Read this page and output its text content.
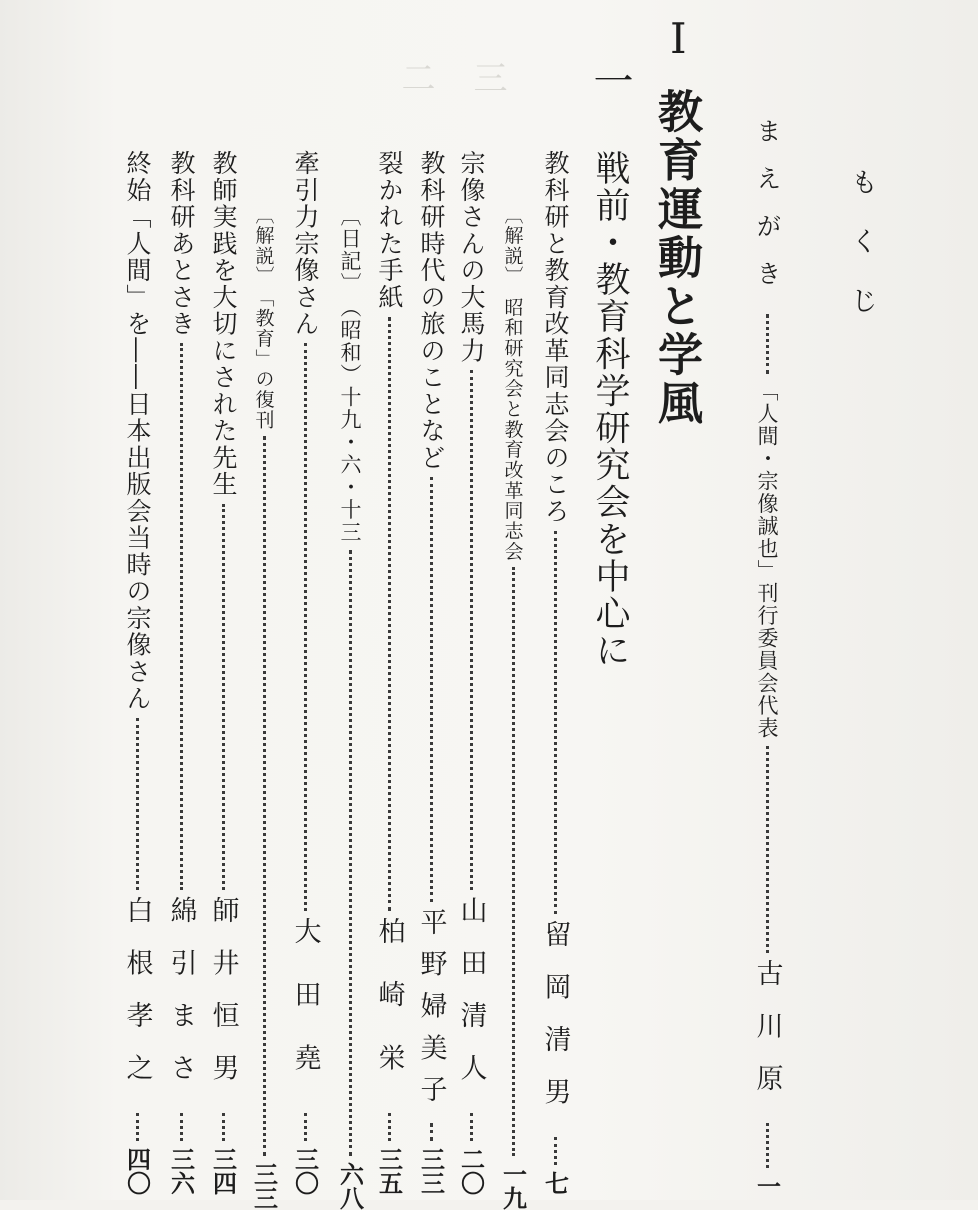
もくじ
まえがき
「人間・宗像誠也」刊行委員会代表
古川原
一
I
教育運動と学風
一
戦前・教育科学研究会を中心に
教科研と教育改革同志会のころ
留岡清男
七
〔解説〕　昭和研究会と教育改革同志会
一九
宗像さんの大馬力
山田清人
二〇
教科研時代の旅のことなど
平野婦美子
三三
裂かれた手紙
柏崎栄
三五
〔日記〕　（昭和）十九・六・十三
六八
牽引力宗像さん
大田堯
三〇
〔解説〕　「教育」の復刊
三三
教師実践を大切にされた先生
師井恒男
三四
教科研あとさき
綿引まさ
三六
終始「人間」を――日本出版会当時の宗像さん
白根孝之
四〇
二 三
